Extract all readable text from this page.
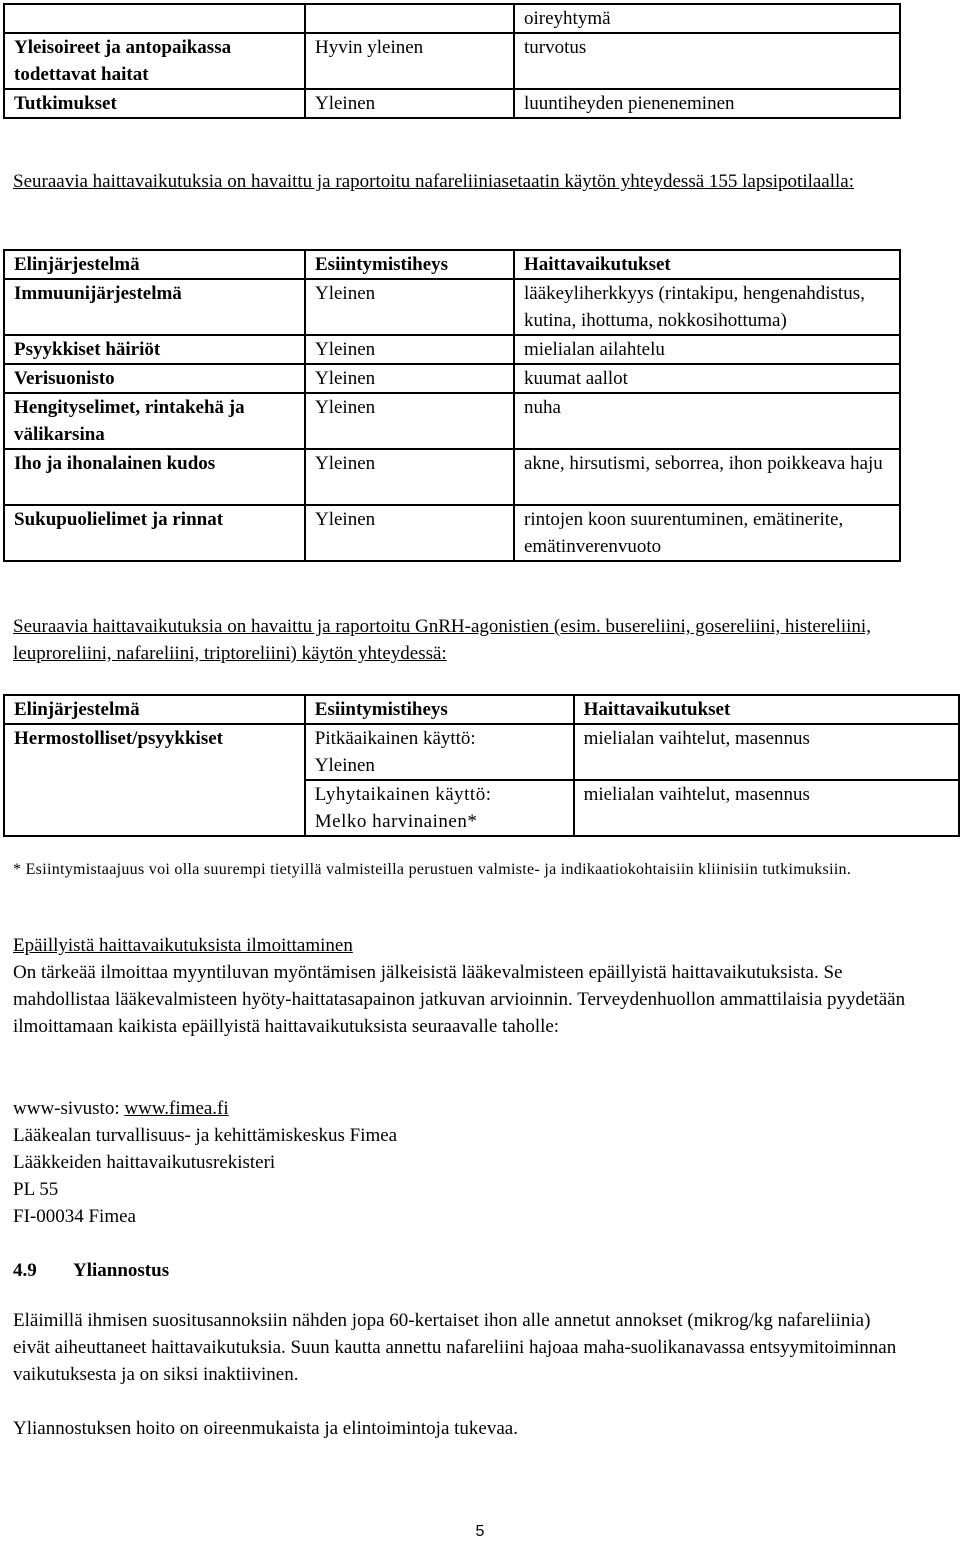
		oireyhtymä
Yleisoireet ja antopaikassa todettavat haitat	Hyvin yleinen	turvotus
Tutkimukset	Yleinen	luuntiheyden pieneneminen
Seuraavia haittavaikutuksia on havaittu ja raportoitu nafareliiniasetaatin käytön yhteydessä 155 lapsipotilaalla:
Elinjärjestelmä	Esiintymistiheys	Haittavaikutukset
Immuunijärjestelmä	Yleinen	lääkeyliherkkyys (rintakipu, hengenahdistus, kutina, ihottuma, nokkosihottuma)
Psyykkiset häiriöt	Yleinen	mielialan ailahtelu
Verisuonisto	Yleinen	kuumat aallot
Hengityselimet, rintakehä ja välikarsina	Yleinen	nuha
Iho ja ihonalainen kudos	Yleinen	akne, hirsutismi, seborrea, ihon poikkeava haju
Sukupuolielimet ja rinnat	Yleinen	rintojen koon suurentuminen, emätinerite, emätinverenvuoto
Seuraavia haittavaikutuksia on havaittu ja raportoitu GnRH-agonistien (esim. busereliini, gosereliini, histereliini, leuproreliini, nafareliini, triptoreliini) käytön yhteydessä:
Elinjärjestelmä	Esiintymistiheys	Haittavaikutukset
Hermostolliset/psyykkiset	Pitkäaikainen käyttö: Yleinen	mielialan vaihtelut, masennus
	Lyhytaikainen käyttö: Melko harvinainen*	mielialan vaihtelut, masennus
* Esiintymistaajuus voi olla suurempi tietyillä valmisteilla perustuen valmiste- ja indikaatiokohtaisiin kliinisiin tutkimuksiin.
Epäillyistä haittavaikutuksista ilmoittaminen
On tärkeää ilmoittaa myyntiluvan myöntämisen jälkeisistä lääkevalmisteen epäillyistä haittavaikutuksista. Se mahdollistaa lääkevalmisteen hyöty-haittatasapainon jatkuvan arvioinnin. Terveydenhuollon ammattilaisia pyydetään ilmoittamaan kaikista epäillyistä haittavaikutuksista seuraavalle taholle:
www-sivusto: www.fimea.fi
Lääkealan turvallisuus- ja kehittämiskeskus Fimea
Lääkkeiden haittavaikutusrekisteri
PL 55
FI-00034 Fimea
4.9 Yliannostus
Eläimillä ihmisen suositusannoksiin nähden jopa 60-kertaiset ihon alle annetut annokset (mikrog/kg nafareliinia) eivät aiheuttaneet haittavaikutuksia. Suun kautta annettu nafareliini hajoaa maha-suolikanavassa entsyymitoiminnan vaikutuksesta ja on siksi inaktiivinen.
Yliannostuksen hoito on oireenmukaista ja elintoimintoja tukevaa.
5
